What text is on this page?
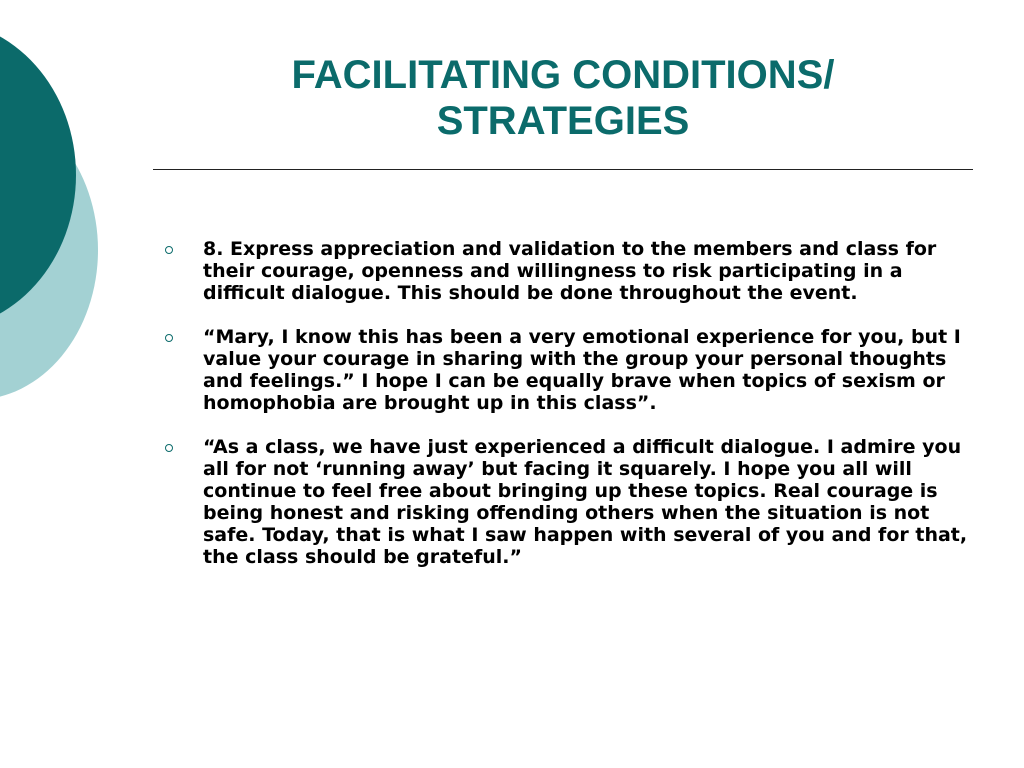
FACILITATING CONDITIONS/
STRATEGIES
8. Express appreciation and validation to the members and class for their courage, openness and willingness to risk participating in a difficult dialogue. This should be done throughout the event.
“Mary, I know this has been a very emotional experience for you, but I value your courage in sharing with the group your personal thoughts and feelings.” I hope I can be equally brave when topics of sexism or homophobia are brought up in this class”.
“As a class, we have just experienced a difficult dialogue. I admire you all for not ‘running away’ but facing it squarely. I hope you all will continue to feel free about bringing up these topics. Real courage is being honest and risking offending others when the situation is not safe. Today, that is what I saw happen with several of you and for that, the class should be grateful.”
